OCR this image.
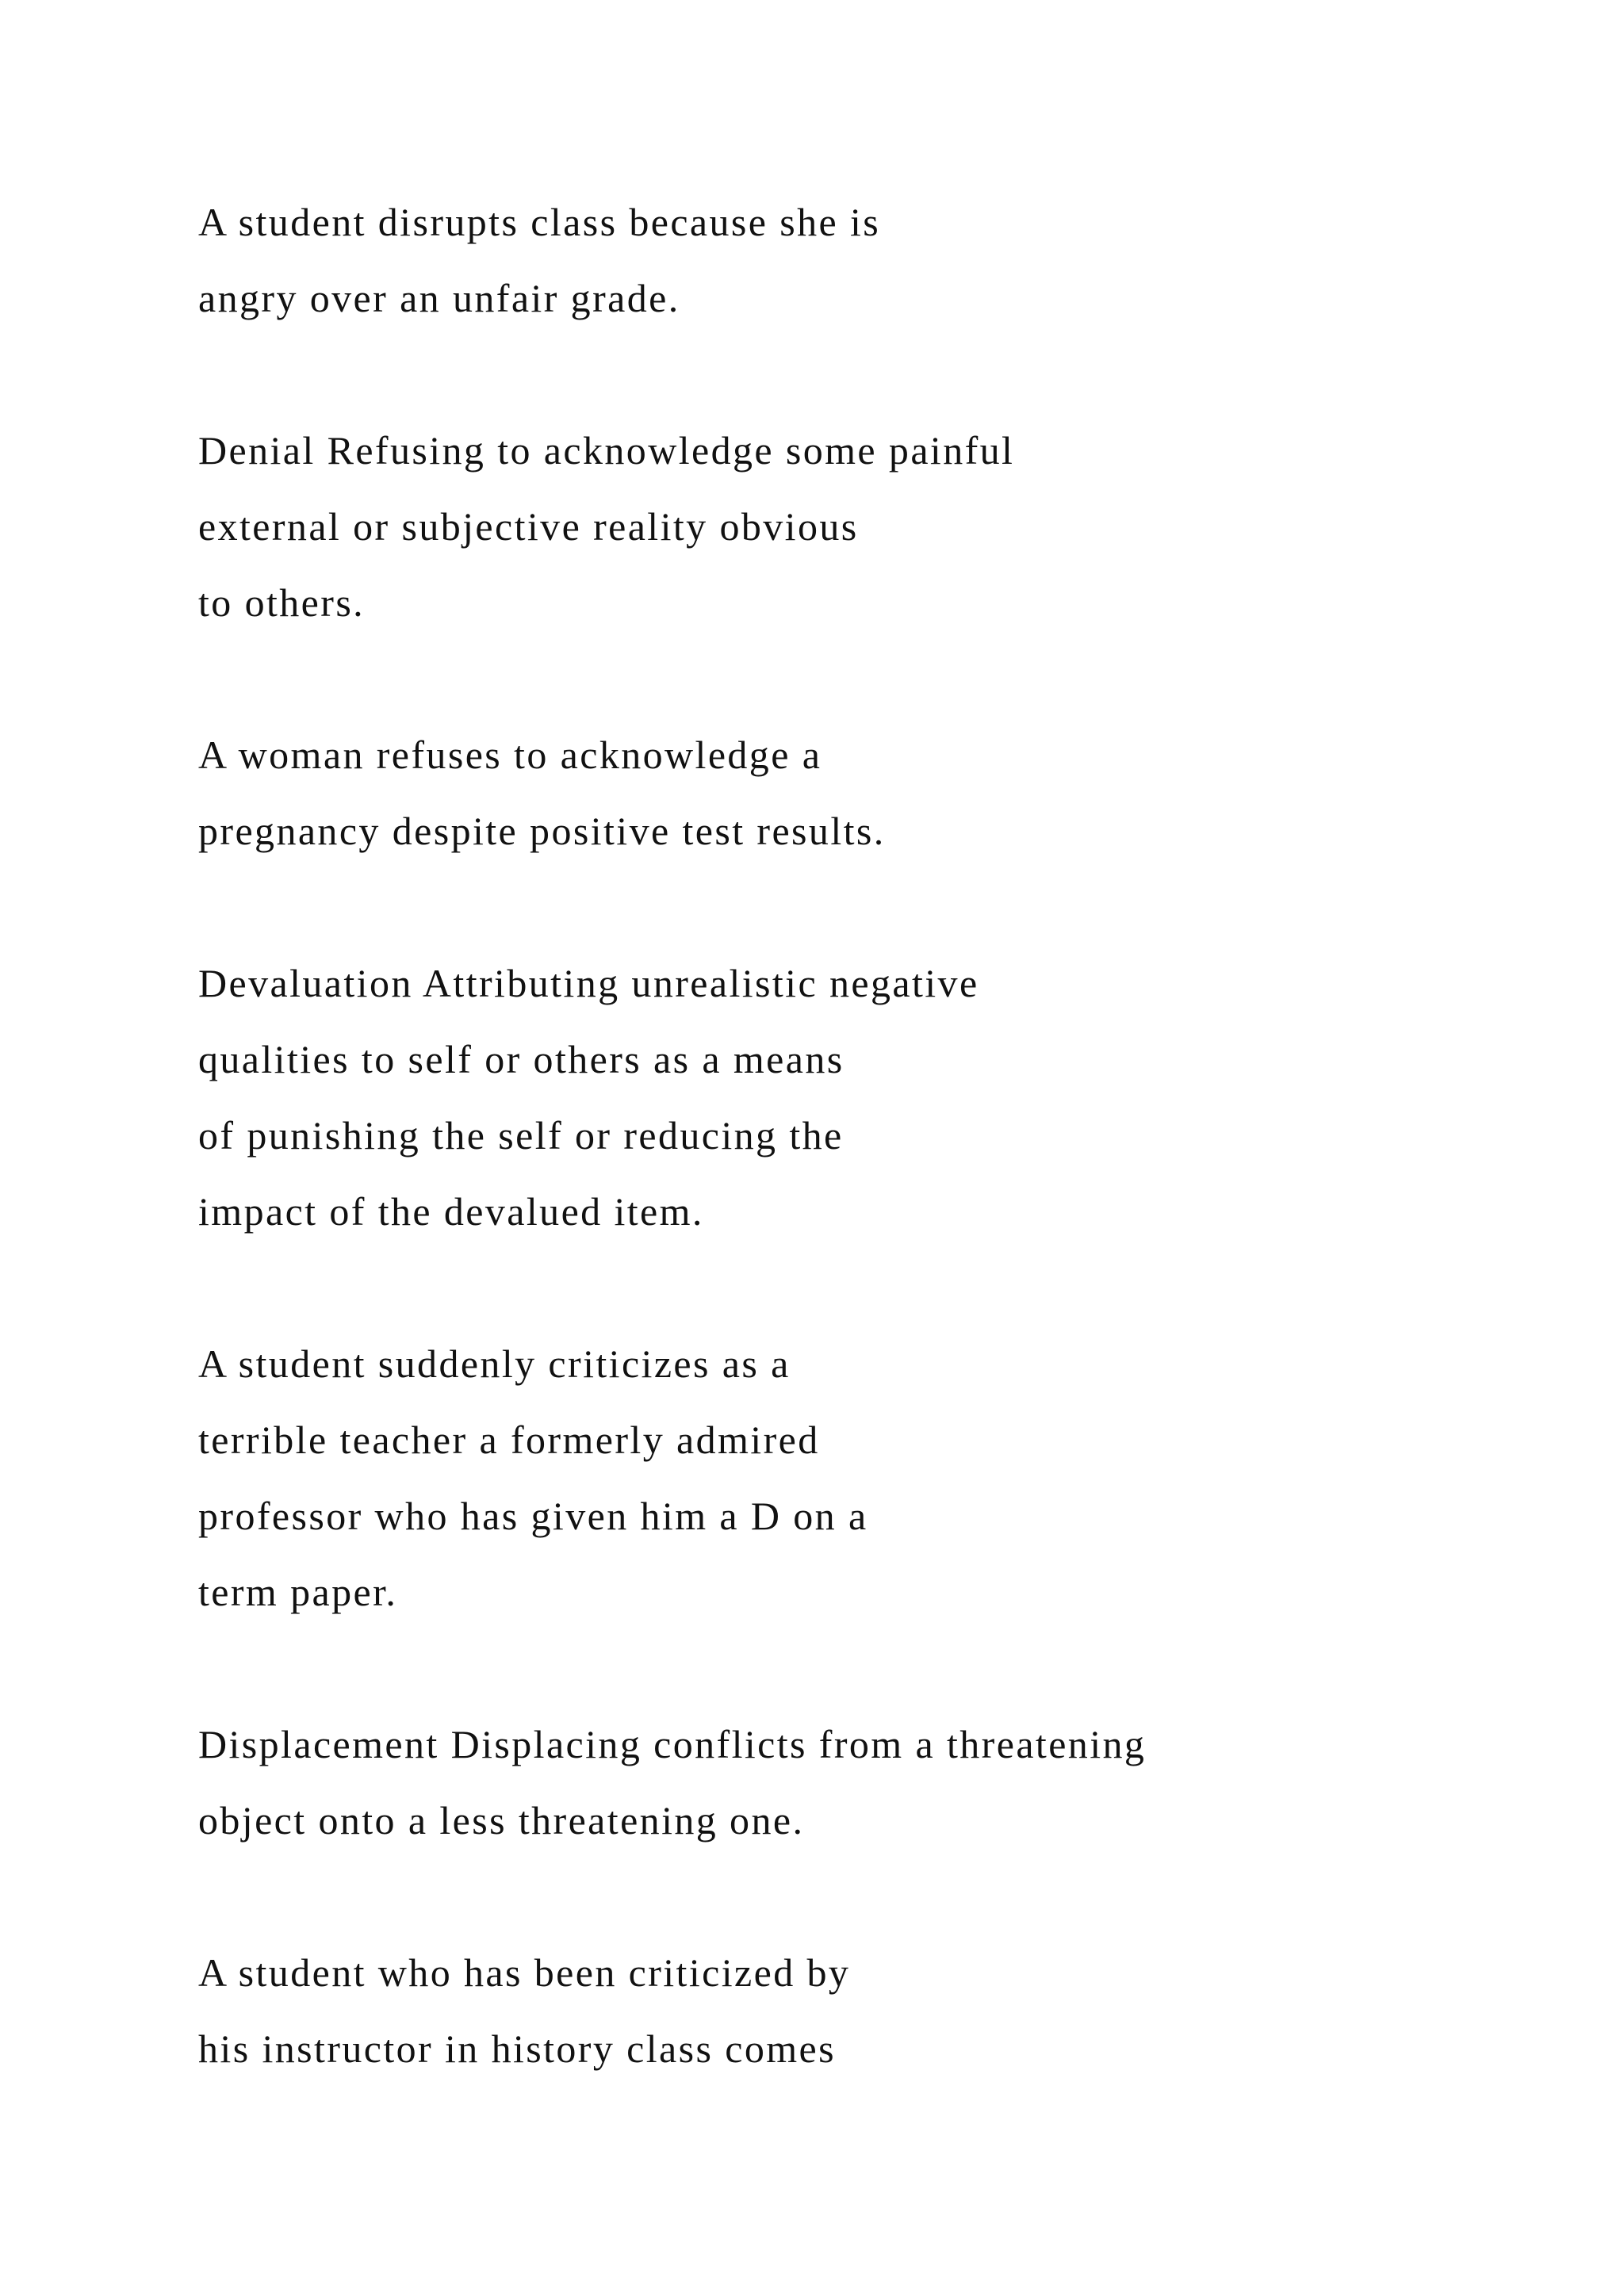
A student disrupts class because she is
angry over an unfair grade.
Denial Refusing to acknowledge some painful
external or subjective reality obvious
to others.
A woman refuses to acknowledge a
pregnancy despite positive test results.
Devaluation Attributing unrealistic negative
qualities to self or others as a means
of punishing the self or reducing the
impact of the devalued item.
A student suddenly criticizes as a
terrible teacher a formerly admired
professor who has given him a D on a
term paper.
Displacement Displacing conflicts from a threatening
object onto a less threatening one.
A student who has been criticized by
his instructor in history class comes
